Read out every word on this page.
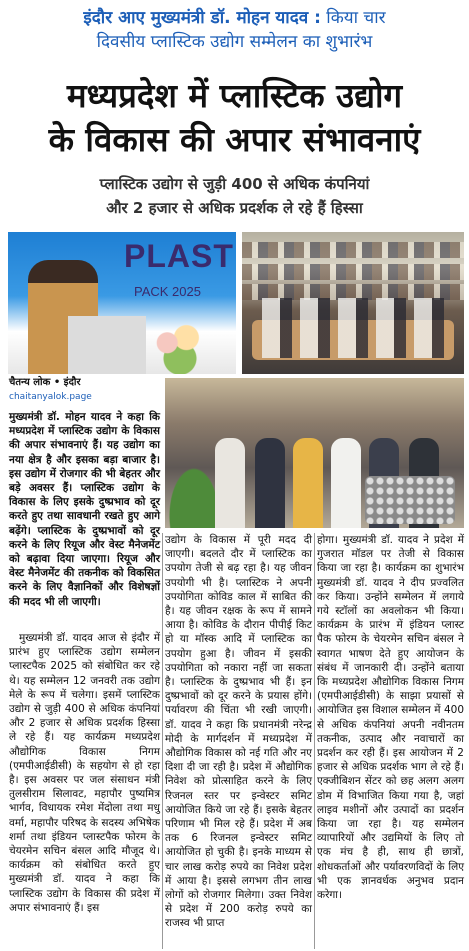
इंदौर आए मुख्यमंत्री डॉ. मोहन यादव : किया चार
दिवसीय प्लास्टिक उद्योग सम्मेलन का शुभारंभ
मध्यप्रदेश में प्लास्टिक उद्योग
के विकास की अपार संभावनाएं
प्लास्टिक उद्योग से जुड़ी 400 से अधिक कंपनियां
और 2 हजार से अधिक प्रदर्शक ले रहे हैं हिस्सा
PLAST
PACK 2025
चैतन्य लोक • इंदौर
chaitanyalok.page

मुख्यमंत्री डॉ. मोहन यादव ने कहा कि मध्यप्रदेश में प्लास्टिक उद्योग के विकास की अपार संभावनाएं हैं। यह उद्योग का नया क्षेत्र है और इसका बड़ा बाजार है। इस उद्योग में रोजगार की भी बेहतर और बड़े अवसर हैं। प्लास्टिक उद्योग के विकास के लिए इसके दुष्प्रभाव को दूर करते हुए तथा सावधानी रखते हुए आगे बढ़ेंगे। प्लास्टिक के दुष्प्रभावों को दूर करने के लिए रियूज और वेस्ट मैनेजमेंट को बढ़ावा दिया जाएगा। रियूज और वेस्ट मैनेजमेंट की तकनीक को विकसित करने के लिए वैज्ञानिकों और विशेषज्ञों की मदद भी ली जाएगी।

मुख्यमंत्री डॉ. यादव आज से इंदौर में प्रारंभ हुए प्लास्टिक उद्योग सम्मेलन प्लास्टपैक 2025 को संबोधित कर रहे थे। यह सम्मेलन 12 जनवरी तक उद्योग मेले के रूप में चलेगा। इसमें प्लास्टिक उद्योग से जुड़ी 400 से अधिक कंपनियां और 2 हजार से अधिक प्रदर्शक हिस्सा ले रहे हैं। यह कार्यक्रम मध्यप्रदेश औद्योगिक विकास निगम (एमपीआईडीसी) के सहयोग से हो रहा है। इस अवसर पर जल संसाधन मंत्री तुलसीराम सिलावट, महापौर पुष्यमित्र भार्गव, विधायक रमेश मेंदोला तथा मधु वर्मा, महापौर परिषद के सदस्य अभिषेक शर्मा तथा इंडियन प्लास्टपैक फोरम के चेयरमेन सचिन बंसल आदि मौजूद थे। कार्यक्रम को संबोधित करते हुए मुख्यमंत्री डॉ. यादव ने कहा कि प्लास्टिक उद्योग के विकास की प्रदेश में अपार संभावनाएं हैं। इस

उद्योग के विकास में पूरी मदद दी जाएगी। बदलते दौर में प्लास्टिक का उपयोग तेजी से बढ़ रहा है। यह जीवन उपयोगी भी है। प्लास्टिक ने अपनी उपयोगिता कोविड काल में साबित की है। यह जीवन रक्षक के रूप में सामने आया है। कोविड के दौरान पीपीई किट हो या मॉस्क आदि में प्लास्टिक का उपयोग हुआ है। जीवन में इसकी उपयोगिता को नकारा नहीं जा सकता है। प्लास्टिक के दुष्प्रभाव भी हैं। इन दुष्प्रभावों को दूर करने के प्रयास होंगे। पर्यावरण की चिंता भी रखी जाएगी। डॉ. यादव ने कहा कि प्रधानमंत्री नरेन्द्र मोदी के मार्गदर्शन में मध्यप्रदेश में औद्योगिक विकास को नई गति और नए दिशा दी जा रही है। प्रदेश में औद्योगिक निवेश को प्रोत्साहित करने के लिए रिजनल स्तर पर इन्वेस्टर समिट आयोजित किये जा रहे हैं। इसके बेहतर परिणाम भी मिल रहे हैं। प्रदेश में अब तक 6 रिजनल इन्वेस्टर समिट आयोजित हो चुकी है। इनके माध्यम से चार लाख करोड़ रुपये का निवेश प्रदेश में आया है। इससे लगभग तीन लाख लोगों को रोजगार मिलेगा। उक्त निवेश से प्रदेश में 200 करोड़ रुपये का राजस्व भी प्राप्त

होगा। मुख्यमंत्री डॉ. यादव ने प्रदेश में गुजरात मॉडल पर तेजी से विकास किया जा रहा है। कार्यक्रम का शुभारंभ मुख्यमंत्री डॉ. यादव ने दीप प्रज्वलित कर किया। उन्होंने सम्मेलन में लगाये गये स्टॉलों का अवलोकन भी किया। कार्यक्रम के प्रारंभ में इंडियन प्लास्ट पैक फोरम के चेयरमेन सचिन बंसल ने स्वागत भाषण देते हुए आयोजन के संबंध में जानकारी दी। उन्होंने बताया कि मध्यप्रदेश औद्योगिक विकास निगम (एमपीआईडीसी) के साझा प्रयासों से आयोजित इस विशाल सम्मेलन में 400 से अधिक कंपनियां अपनी नवीनतम तकनीक, उत्पाद और नवाचारों का प्रदर्शन कर रही हैं। इस आयोजन में 2 हजार से अधिक प्रदर्शक भाग ले रहे हैं। एक्जीबिशन सेंटर को छह अलग अलग डोम में विभाजित किया गया है, जहां लाइव मशीनों और उत्पादों का प्रदर्शन किया जा रहा है। यह सम्मेलन व्यापारियों और उद्यमियों के लिए तो एक मंच है ही, साथ ही छात्रों, शोधकर्ताओं और पर्यावरणविदों के लिए भी एक ज्ञानवर्धक अनुभव प्रदान करेगा।
